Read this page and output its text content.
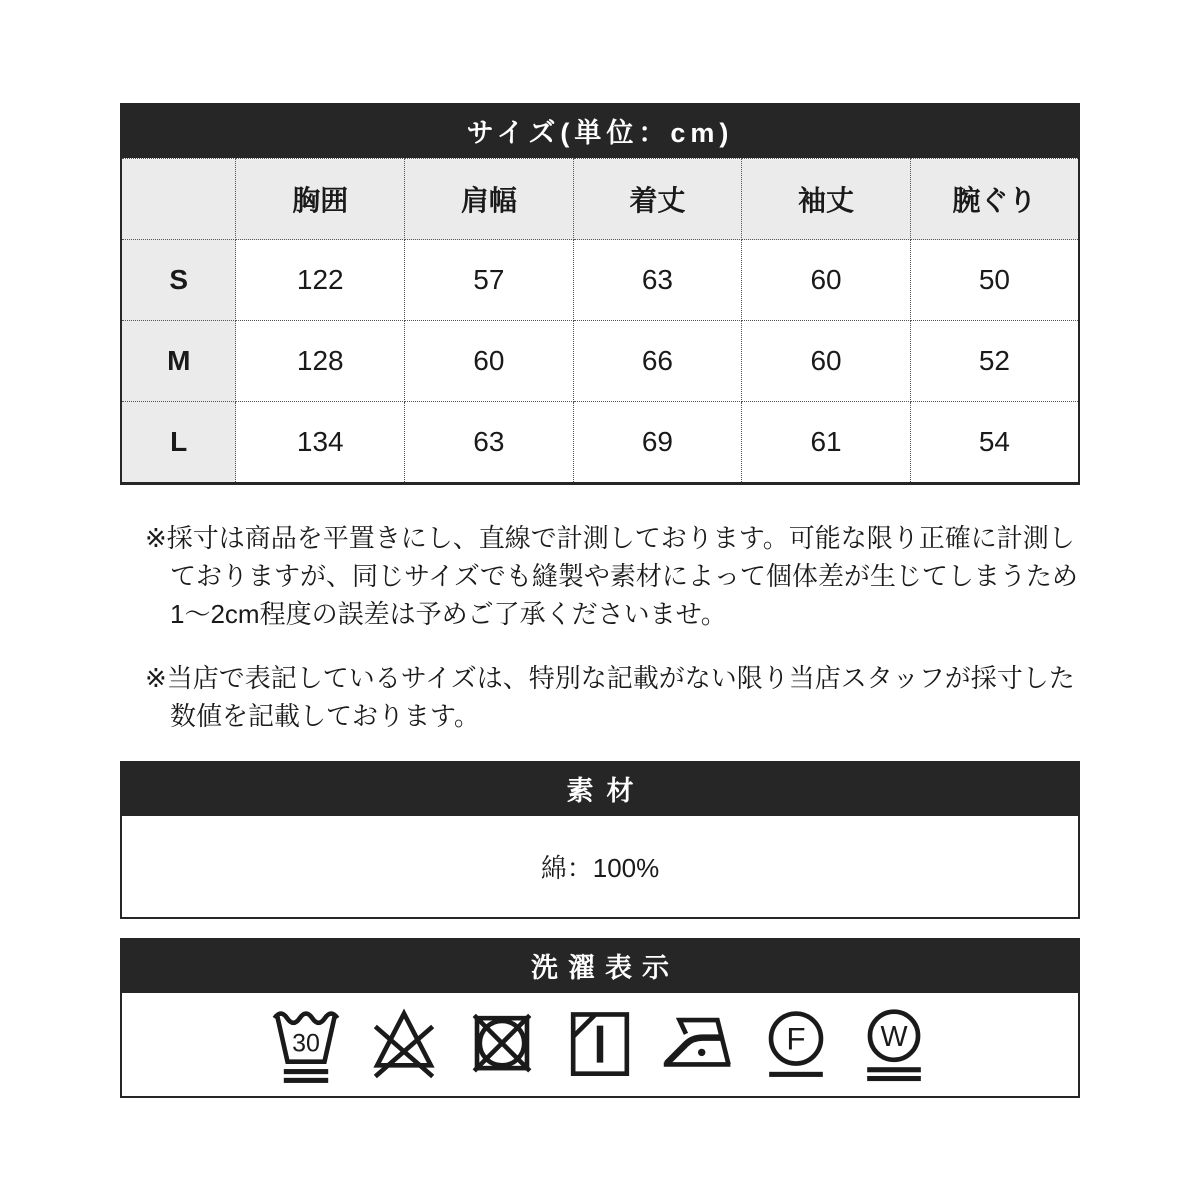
サイズ(単位：cm)
	胸囲	肩幅	着丈	袖丈	腕ぐり
S	122	57	63	60	50
M	128	60	66	60	52
L	134	63	69	61	54
※採寸は商品を平置きにし、直線で計測しております。可能な限り正確に計測し
ておりますが、同じサイズでも縫製や素材によって個体差が生じてしまうため
1〜2cm程度の誤差は予めご了承くださいませ。
※当店で表記しているサイズは、特別な記載がない限り当店スタッフが採寸した
数値を記載しております。
素材
綿：100%
洗濯表示
30	F W
